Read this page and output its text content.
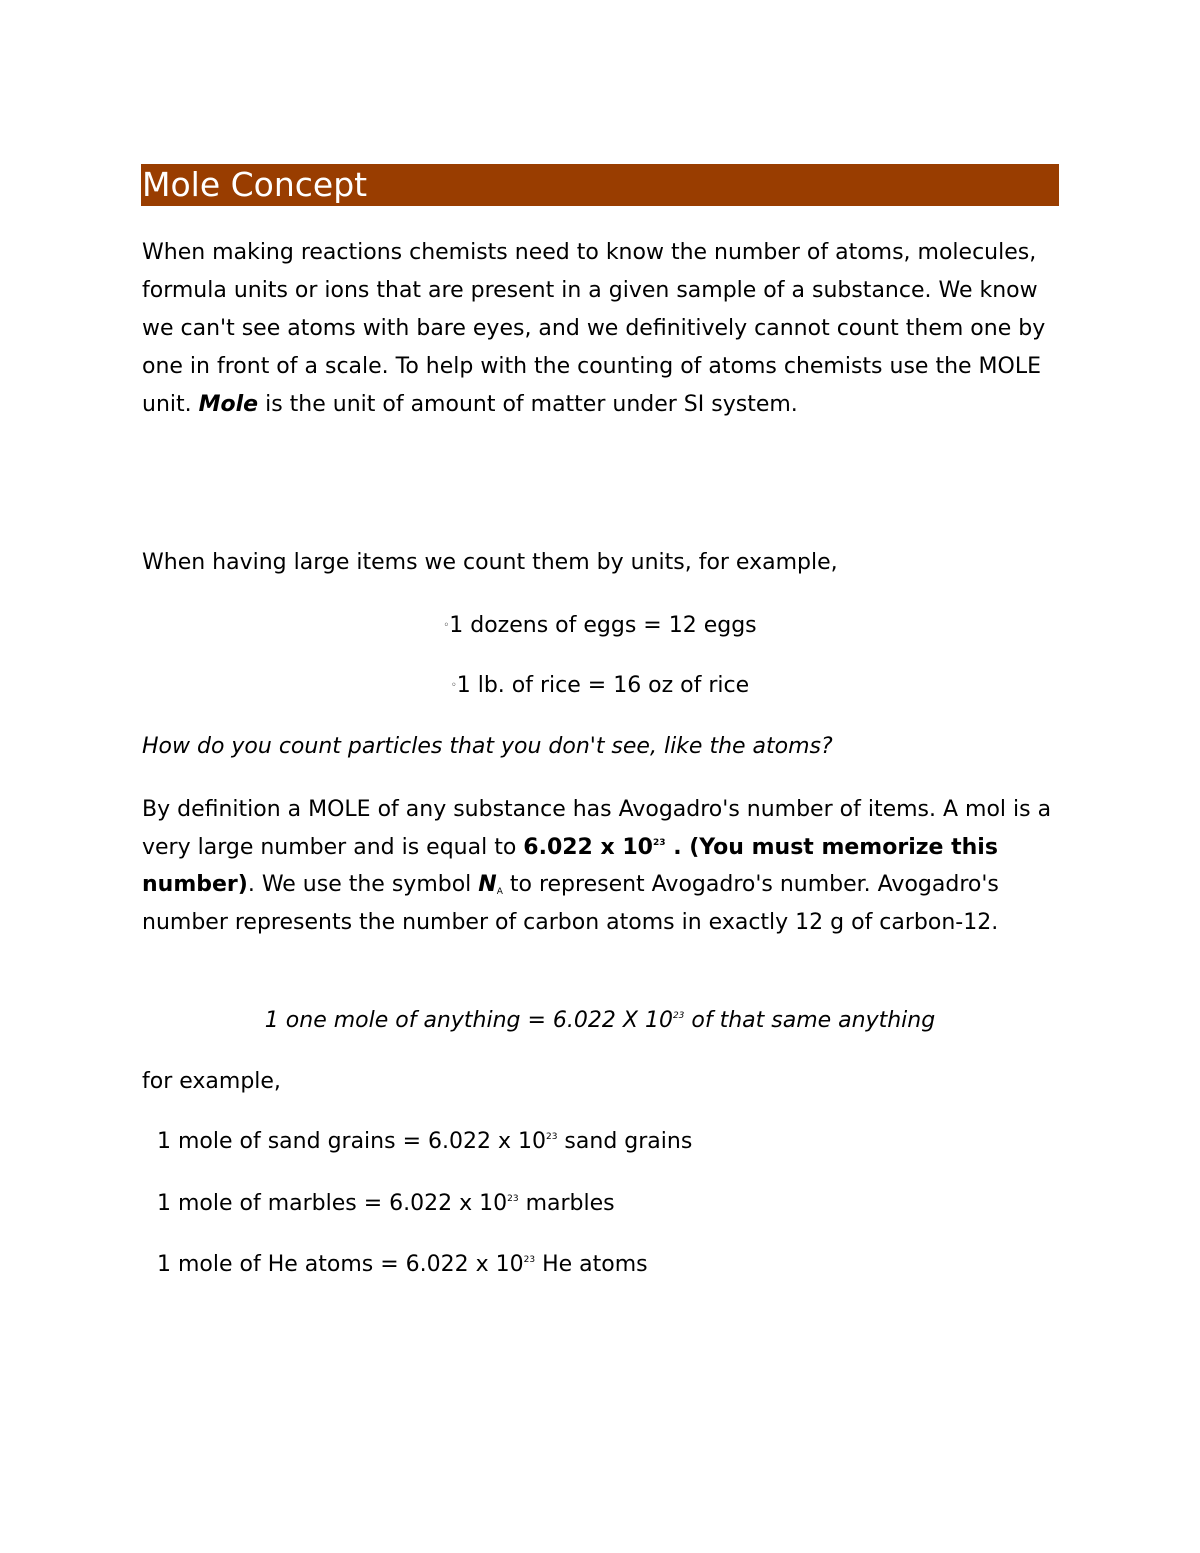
Mole Concept

When making reactions chemists need to know the number of atoms, molecules, formula units or ions that are present in a given sample of a substance. We know we can't see atoms with bare eyes, and we definitively cannot count them one by one in front of a scale. To help with the counting of atoms chemists use the MOLE unit. Mole is the unit of amount of matter under SI system.

When having large items we count them by units, for example,

◦1 dozens of eggs = 12 eggs

◦1 lb. of rice = 16 oz of rice

How do you count particles that you don't see, like the atoms?

By definition a MOLE of any substance has Avogadro's number of items. A mol is a very large number and is equal to 6.022 x $10^{23}$ . (You must memorize this number). We use the symbol $N_A$ to represent Avogadro's number. Avogadro's number represents the number of carbon atoms in exactly 12 g of carbon-12.

1 one mole of anything = 6.022 X $10^{23}$ of that same anything

for example,

1 mole of sand grains = 6.022 x $10^{23}$ sand grains

1 mole of marbles = 6.022 x $10^{23}$ marbles

1 mole of He atoms = 6.022 x $10^{23}$ He atoms
